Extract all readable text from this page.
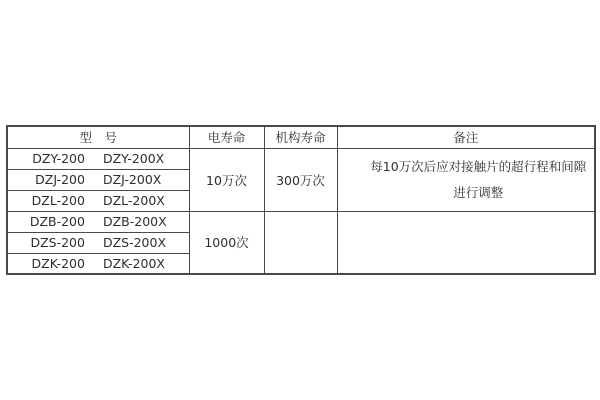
型　号	电寿命	机构寿命	备注
DZY-200 DZY-200X	10万次	300万次	每10万次后应对接触片的超行程和间隙
进行调整

DZJ-200 DZJ-200X			
DZL-200 DZL-200X			
DZB-200 DZB-200X	1000次		

DZS-200 DZS-200X			
DZK-200 DZK-200X			
